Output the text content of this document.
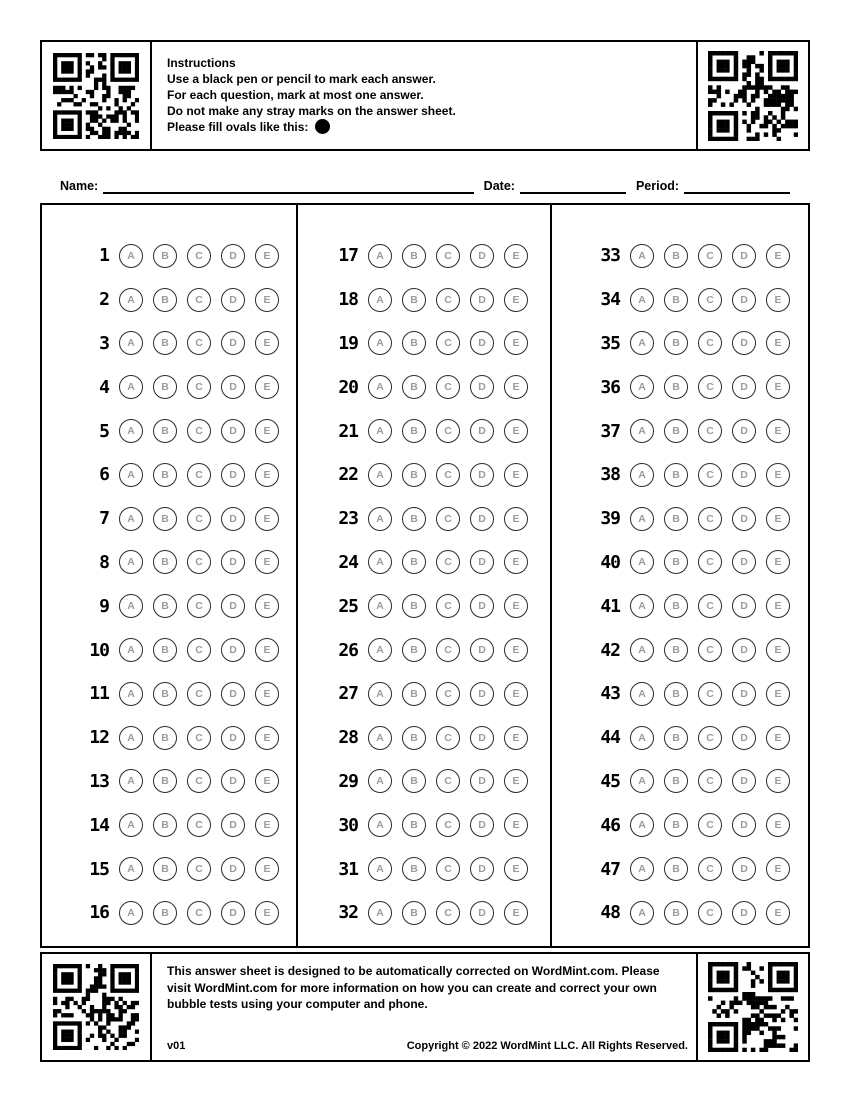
Instructions
Use a black pen or pencil to mark each answer.
For each question, mark at most one answer.
Do not make any stray marks on the answer sheet.
Please fill ovals like this:
Name:	Date:	Period:
1	A	B	C	D	E
2	A	B	C	D	E
3	A	B	C	D	E
4	A	B	C	D	E
5	A	B	C	D	E
6	A	B	C	D	E
7	A	B	C	D	E
8	A	B	C	D	E
9	A	B	C	D	E
10	A	B	C	D	E
11	A	B	C	D	E
12	A	B	C	D	E
13	A	B	C	D	E
14	A	B	C	D	E
15	A	B	C	D	E
16	A	B	C	D	E
17	A	B	C	D	E
18	A	B	C	D	E
19	A	B	C	D	E
20	A	B	C	D	E
21	A	B	C	D	E
22	A	B	C	D	E
23	A	B	C	D	E
24	A	B	C	D	E
25	A	B	C	D	E
26	A	B	C	D	E
27	A	B	C	D	E
28	A	B	C	D	E
29	A	B	C	D	E
30	A	B	C	D	E
31	A	B	C	D	E
32	A	B	C	D	E
33	A	B	C	D	E
34	A	B	C	D	E
35	A	B	C	D	E
36	A	B	C	D	E
37	A	B	C	D	E
38	A	B	C	D	E
39	A	B	C	D	E
40	A	B	C	D	E
41	A	B	C	D	E
42	A	B	C	D	E
43	A	B	C	D	E
44	A	B	C	D	E
45	A	B	C	D	E
46	A	B	C	D	E
47	A	B	C	D	E
48	A	B	C	D	E
This answer sheet is designed to be automatically corrected on WordMint.com. Please visit WordMint.com for more information on how you can create and correct your own bubble tests using your computer and phone.
v01	Copyright © 2022 WordMint LLC. All Rights Reserved.
